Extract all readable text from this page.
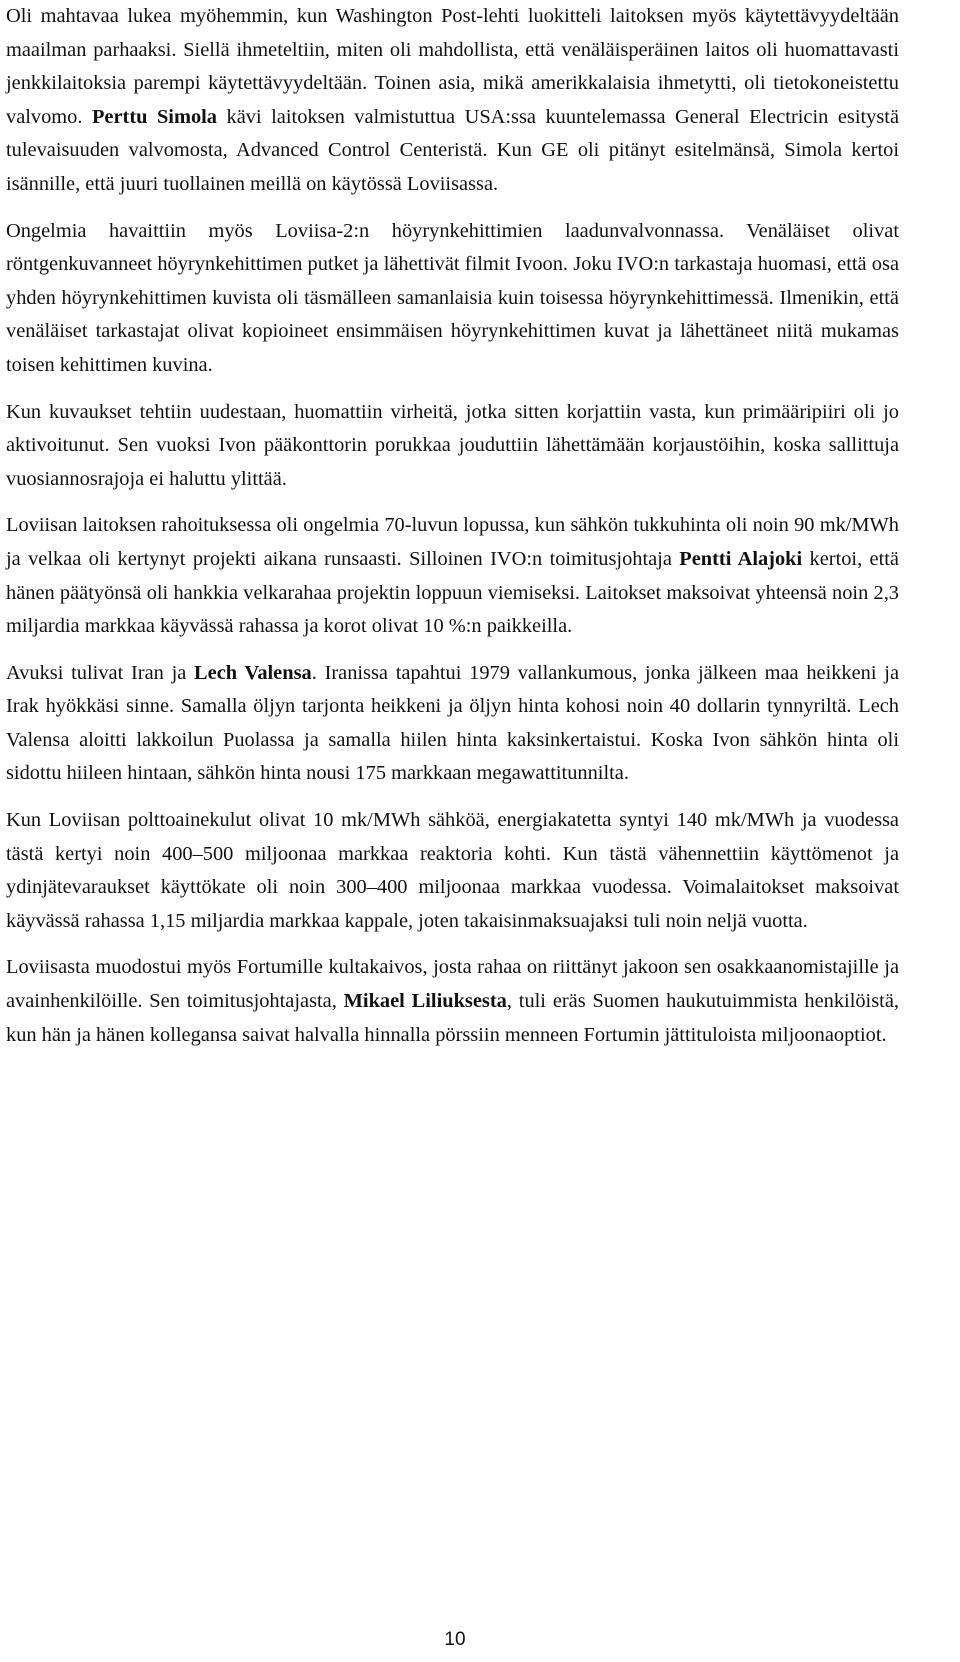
Oli mahtavaa lukea myöhemmin, kun Washington Post-lehti luokitteli laitoksen myös käytettävyydeltään maailman parhaaksi. Siellä ihmeteltiin, miten oli mahdollista, että venäläisperäinen laitos oli huomattavasti jenkkilaitoksia parempi käytettävyydeltään. Toinen asia, mikä amerikkalaisia ihmetytti, oli tietokoneistettu valvomo. Perttu Simola kävi laitoksen valmistuttua USA:ssa kuuntelemassa General Electricin esitystä tulevaisuuden valvomosta, Advanced Control Centeristä. Kun GE oli pitänyt esitelmänsä, Simola kertoi isännille, että juuri tuollainen meillä on käytössä Loviisassa.

Ongelmia havaittiin myös Loviisa-2:n höyrynkehittimien laadunvalvonnassa. Venäläiset olivat röntgenkuvanneet höyrynkehittimen putket ja lähettivät filmit Ivoon. Joku IVO:n tarkastaja huomasi, että osa yhden höyrynkehittimen kuvista oli täsmälleen samanlaisia kuin toisessa höyrynkehittimessä. Ilmenikin, että venäläiset tarkastajat olivat kopioineet ensimmäisen höyrynkehittimen kuvat ja lähettäneet niitä mukamas toisen kehittimen kuvina.

Kun kuvaukset tehtiin uudestaan, huomattiin virheitä, jotka sitten korjattiin vasta, kun primääripiiri oli jo aktivoitunut. Sen vuoksi Ivon pääkonttorin porukkaa jouduttiin lähettämään korjaustöihin, koska sallittuja vuosiannosrajoja ei haluttu ylittää.

Loviisan laitoksen rahoituksessa oli ongelmia 70-luvun lopussa, kun sähkön tukkuhinta oli noin 90 mk/MWh ja velkaa oli kertynyt projekti aikana runsaasti. Silloinen IVO:n toimitusjohtaja Pentti Alajoki kertoi, että hänen päätyönsä oli hankkia velkarahaa projektin loppuun viemiseksi. Laitokset maksoivat yhteensä noin 2,3 miljardia markkaa käyvässä rahassa ja korot olivat 10 %:n paikkeilla.

Avuksi tulivat Iran ja Lech Valensa. Iranissa tapahtui 1979 vallankumous, jonka jälkeen maa heikkeni ja Irak hyökkäsi sinne. Samalla öljyn tarjonta heikkeni ja öljyn hinta kohosi noin 40 dollarin tynnyriltä. Lech Valensa aloitti lakkoilun Puolassa ja samalla hiilen hinta kaksinkertaistui. Koska Ivon sähkön hinta oli sidottu hiileen hintaan, sähkön hinta nousi 175 markkaan megawattitunnilta.

Kun Loviisan polttoainekulut olivat 10 mk/MWh sähköä, energiakatetta syntyi 140 mk/MWh ja vuodessa tästä kertyi noin 400–500 miljoonaa markkaa reaktoria kohti. Kun tästä vähennettiin käyttömenot ja ydinjätevaraukset käyttökate oli noin 300–400 miljoonaa markkaa vuodessa. Voimalaitokset maksoivat käyvässä rahassa 1,15 miljardia markkaa kappale, joten takaisinmaksuajaksi tuli noin neljä vuotta.

Loviisasta muodostui myös Fortumille kultakaivos, josta rahaa on riittänyt jakoon sen osakkaanomistajille ja avainhenkilöille. Sen toimitusjohtajasta, Mikael Liliuksesta, tuli eräs Suomen haukutuimmista henkilöistä, kun hän ja hänen kollegansa saivat halvalla hinnalla pörssiin menneen Fortumin jättituloista miljoonaoptiot.

10
